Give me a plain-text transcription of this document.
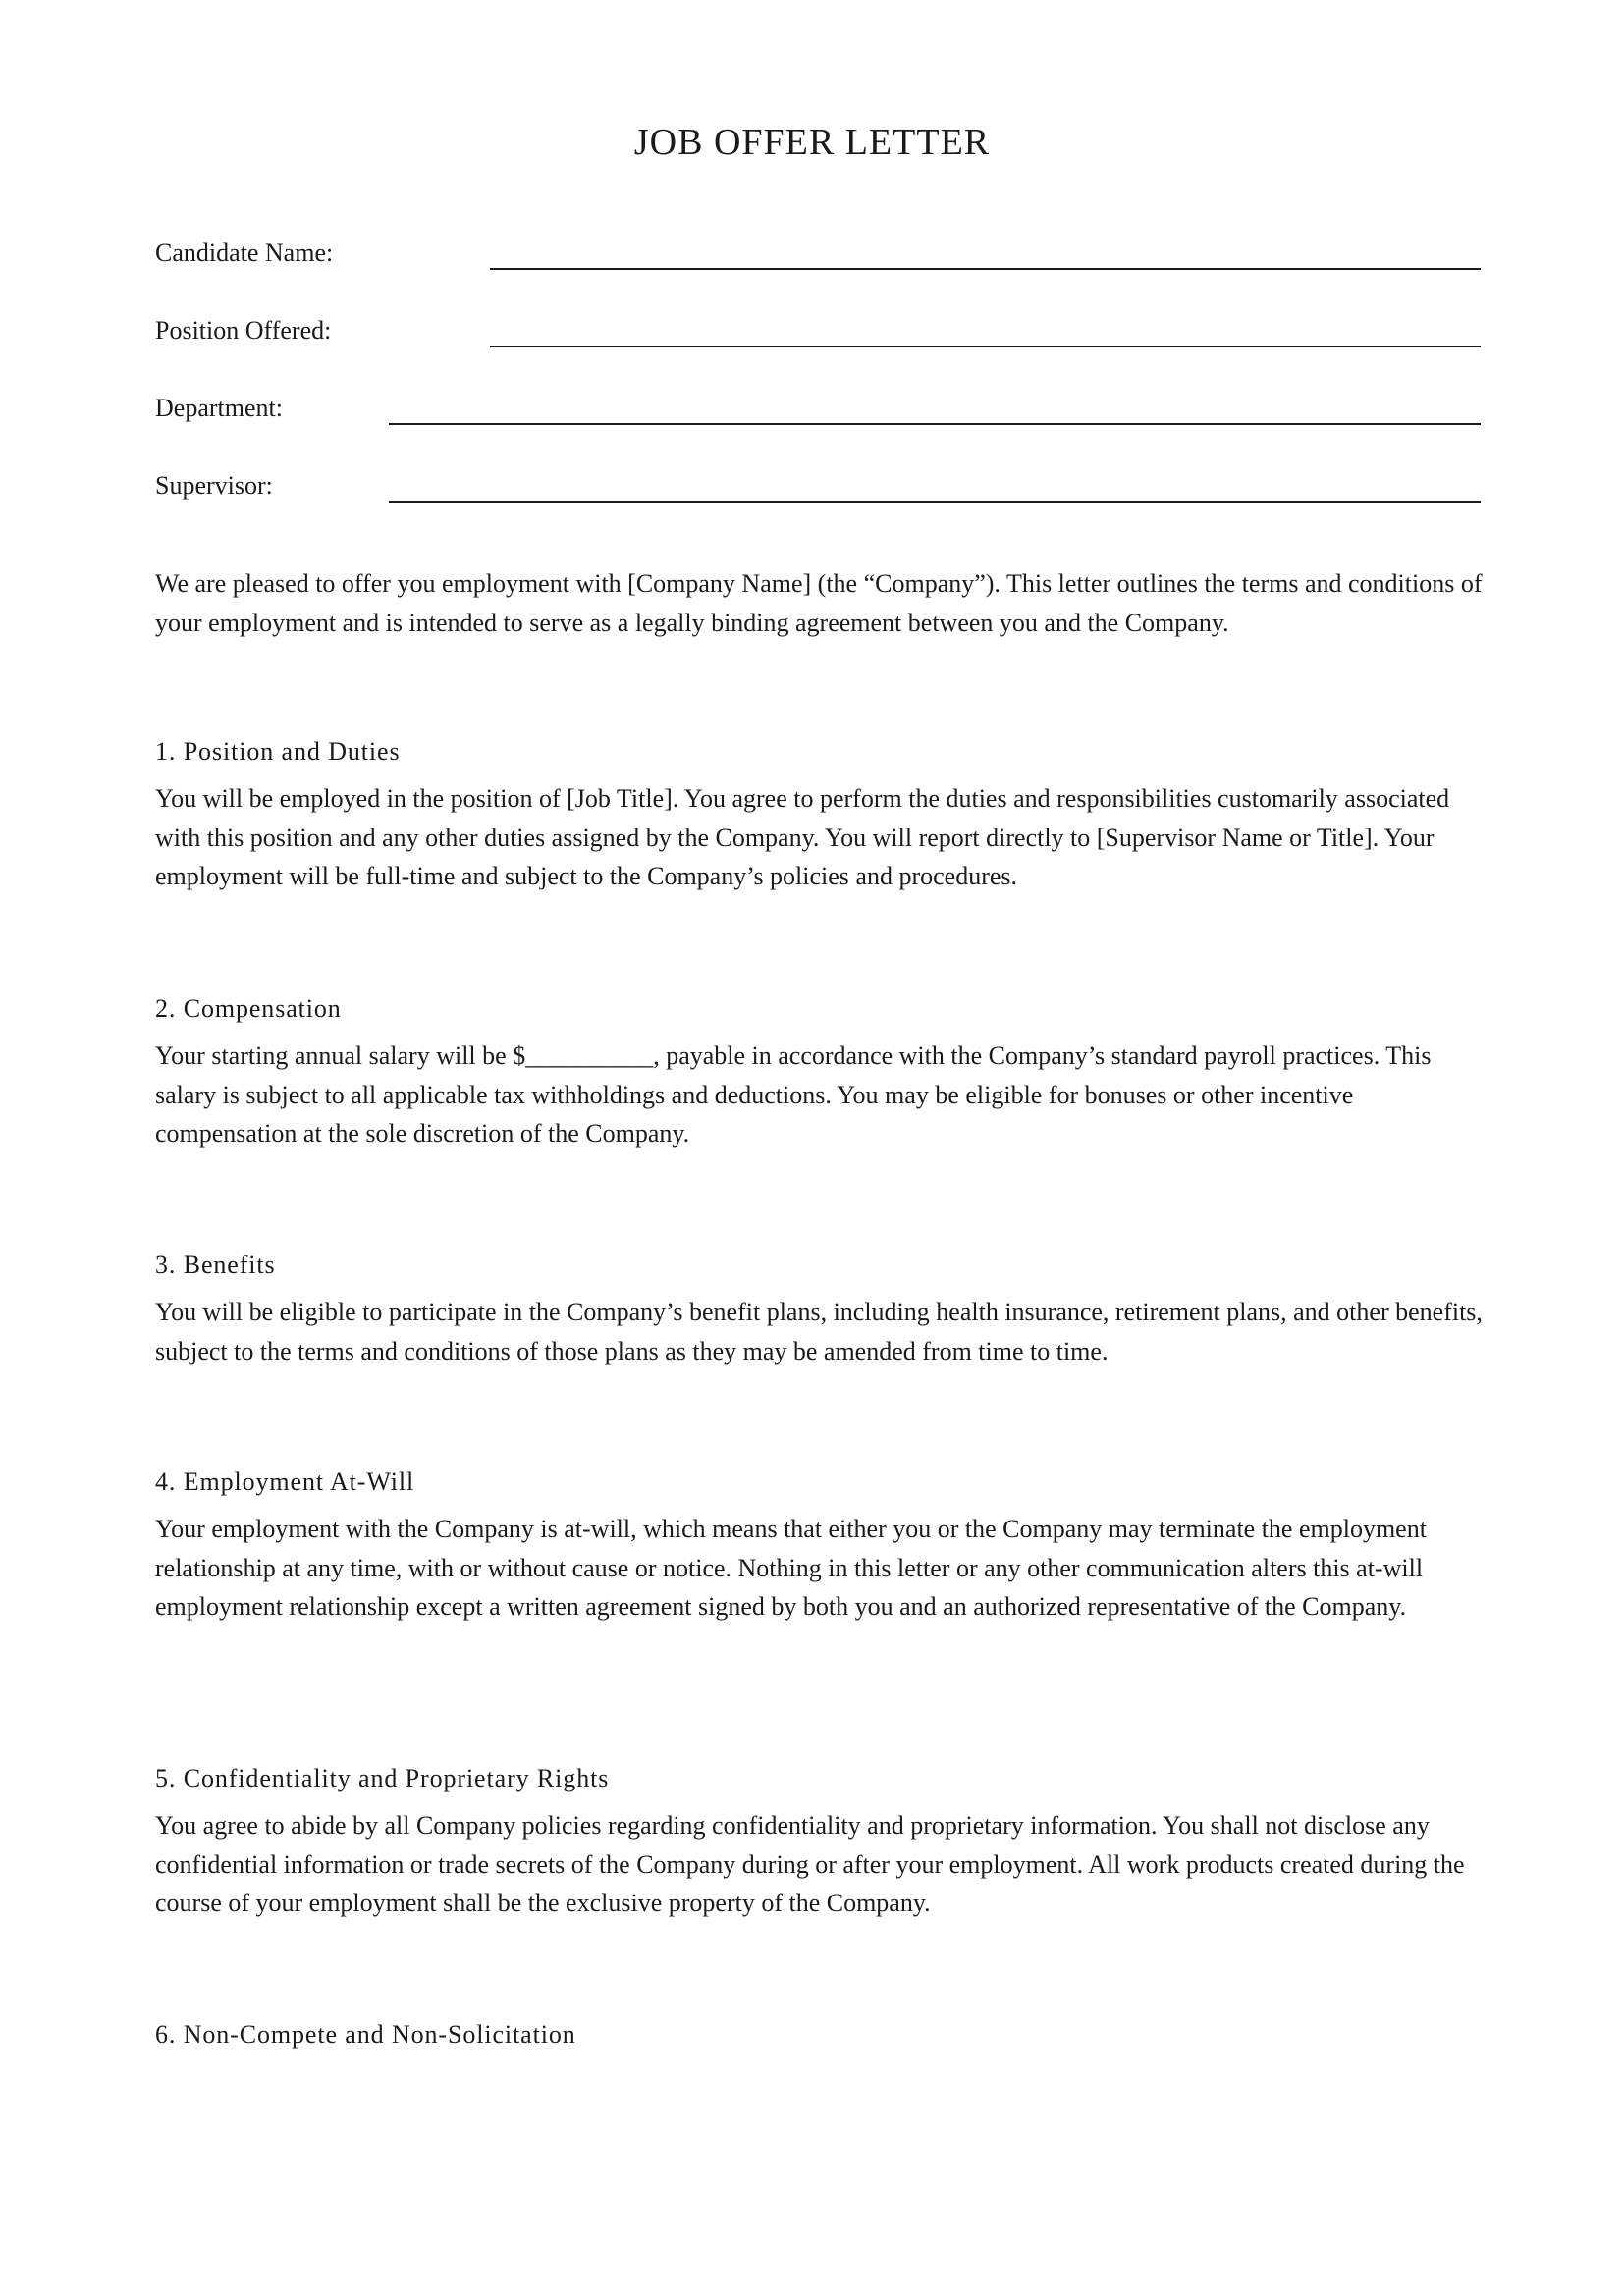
JOB OFFER LETTER
Candidate Name:
Position Offered:
Department:
Supervisor:

We are pleased to offer you employment with [Company Name] (the “Company”). This letter outlines the terms and conditions of your employment and is intended to serve as a legally binding agreement between you and the Company.

1. Position and Duties

You will be employed in the position of [Job Title]. You agree to perform the duties and responsibilities customarily associated with this position and any other duties assigned by the Company. You will report directly to [Supervisor Name or Title]. Your employment will be full-time and subject to the Company’s policies and procedures.

2. Compensation

Your starting annual salary will be $__________, payable in accordance with the Company’s standard payroll practices. This salary is subject to all applicable tax withholdings and deductions. You may be eligible for bonuses or other incentive compensation at the sole discretion of the Company.

3. Benefits

You will be eligible to participate in the Company’s benefit plans, including health insurance, retirement plans, and other benefits, subject to the terms and conditions of those plans as they may be amended from time to time.

4. Employment At-Will

Your employment with the Company is at-will, which means that either you or the Company may terminate the employment relationship at any time, with or without cause or notice. Nothing in this letter or any other communication alters this at-will employment relationship except a written agreement signed by both you and an authorized representative of the Company.

5. Confidentiality and Proprietary Rights

You agree to abide by all Company policies regarding confidentiality and proprietary information. You shall not disclose any confidential information or trade secrets of the Company during or after your employment. All work products created during the course of your employment shall be the exclusive property of the Company.

6. Non-Compete and Non-Solicitation
